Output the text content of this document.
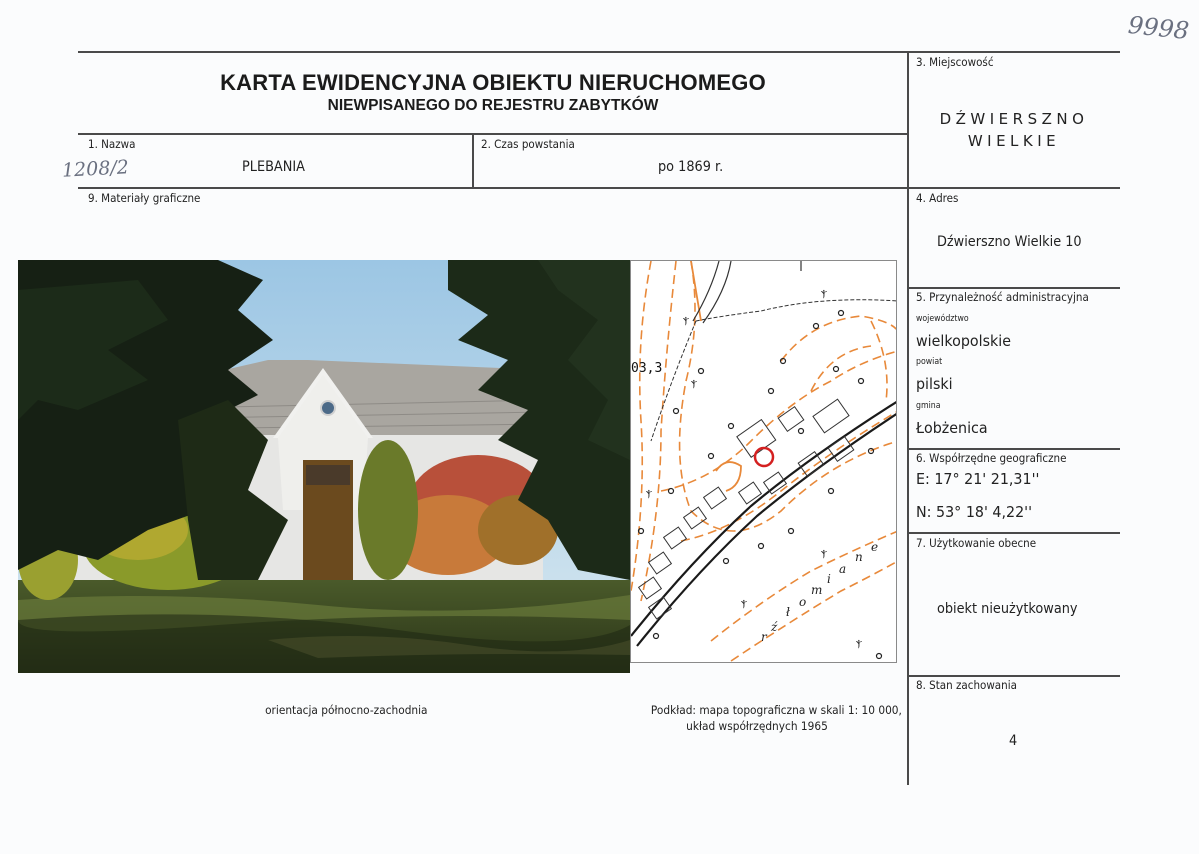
9998
KARTA EWIDENCYJNA OBIEKTU NIERUCHOMEGO
NIEWPISANEGO DO REJESTRU ZABYTKÓW
1. Nazwa
1208/2	PLEBANIA
2. Czas powstania
po 1869 r.
9. Materiały graficzne
3. Miejscowość
DŹWIERSZNO
WIELKIE
4. Adres
Dźwierszno Wielkie 10
5. Przynależność administracyjna
województwo
wielkopolskie
powiat
pilski
gmina
Łobżenica
6. Współrzędne geograficzne
E: 17° 21' 21,31''
N: 53° 18' 4,22''
7. Użytkowanie obecne
obiekt nieużytkowany
8. Stan zachowania
4
ⲯ
ⲯ
ⲯ
ⲯ
ⲯ
ⲯ
ⲯ
03,3
r
ź
ł
o
m
i
a
n
e
orientacja północno-zachodnia	Podkład: mapa topograficzna w skali 1: 10 000,
układ współrzędnych 1965
